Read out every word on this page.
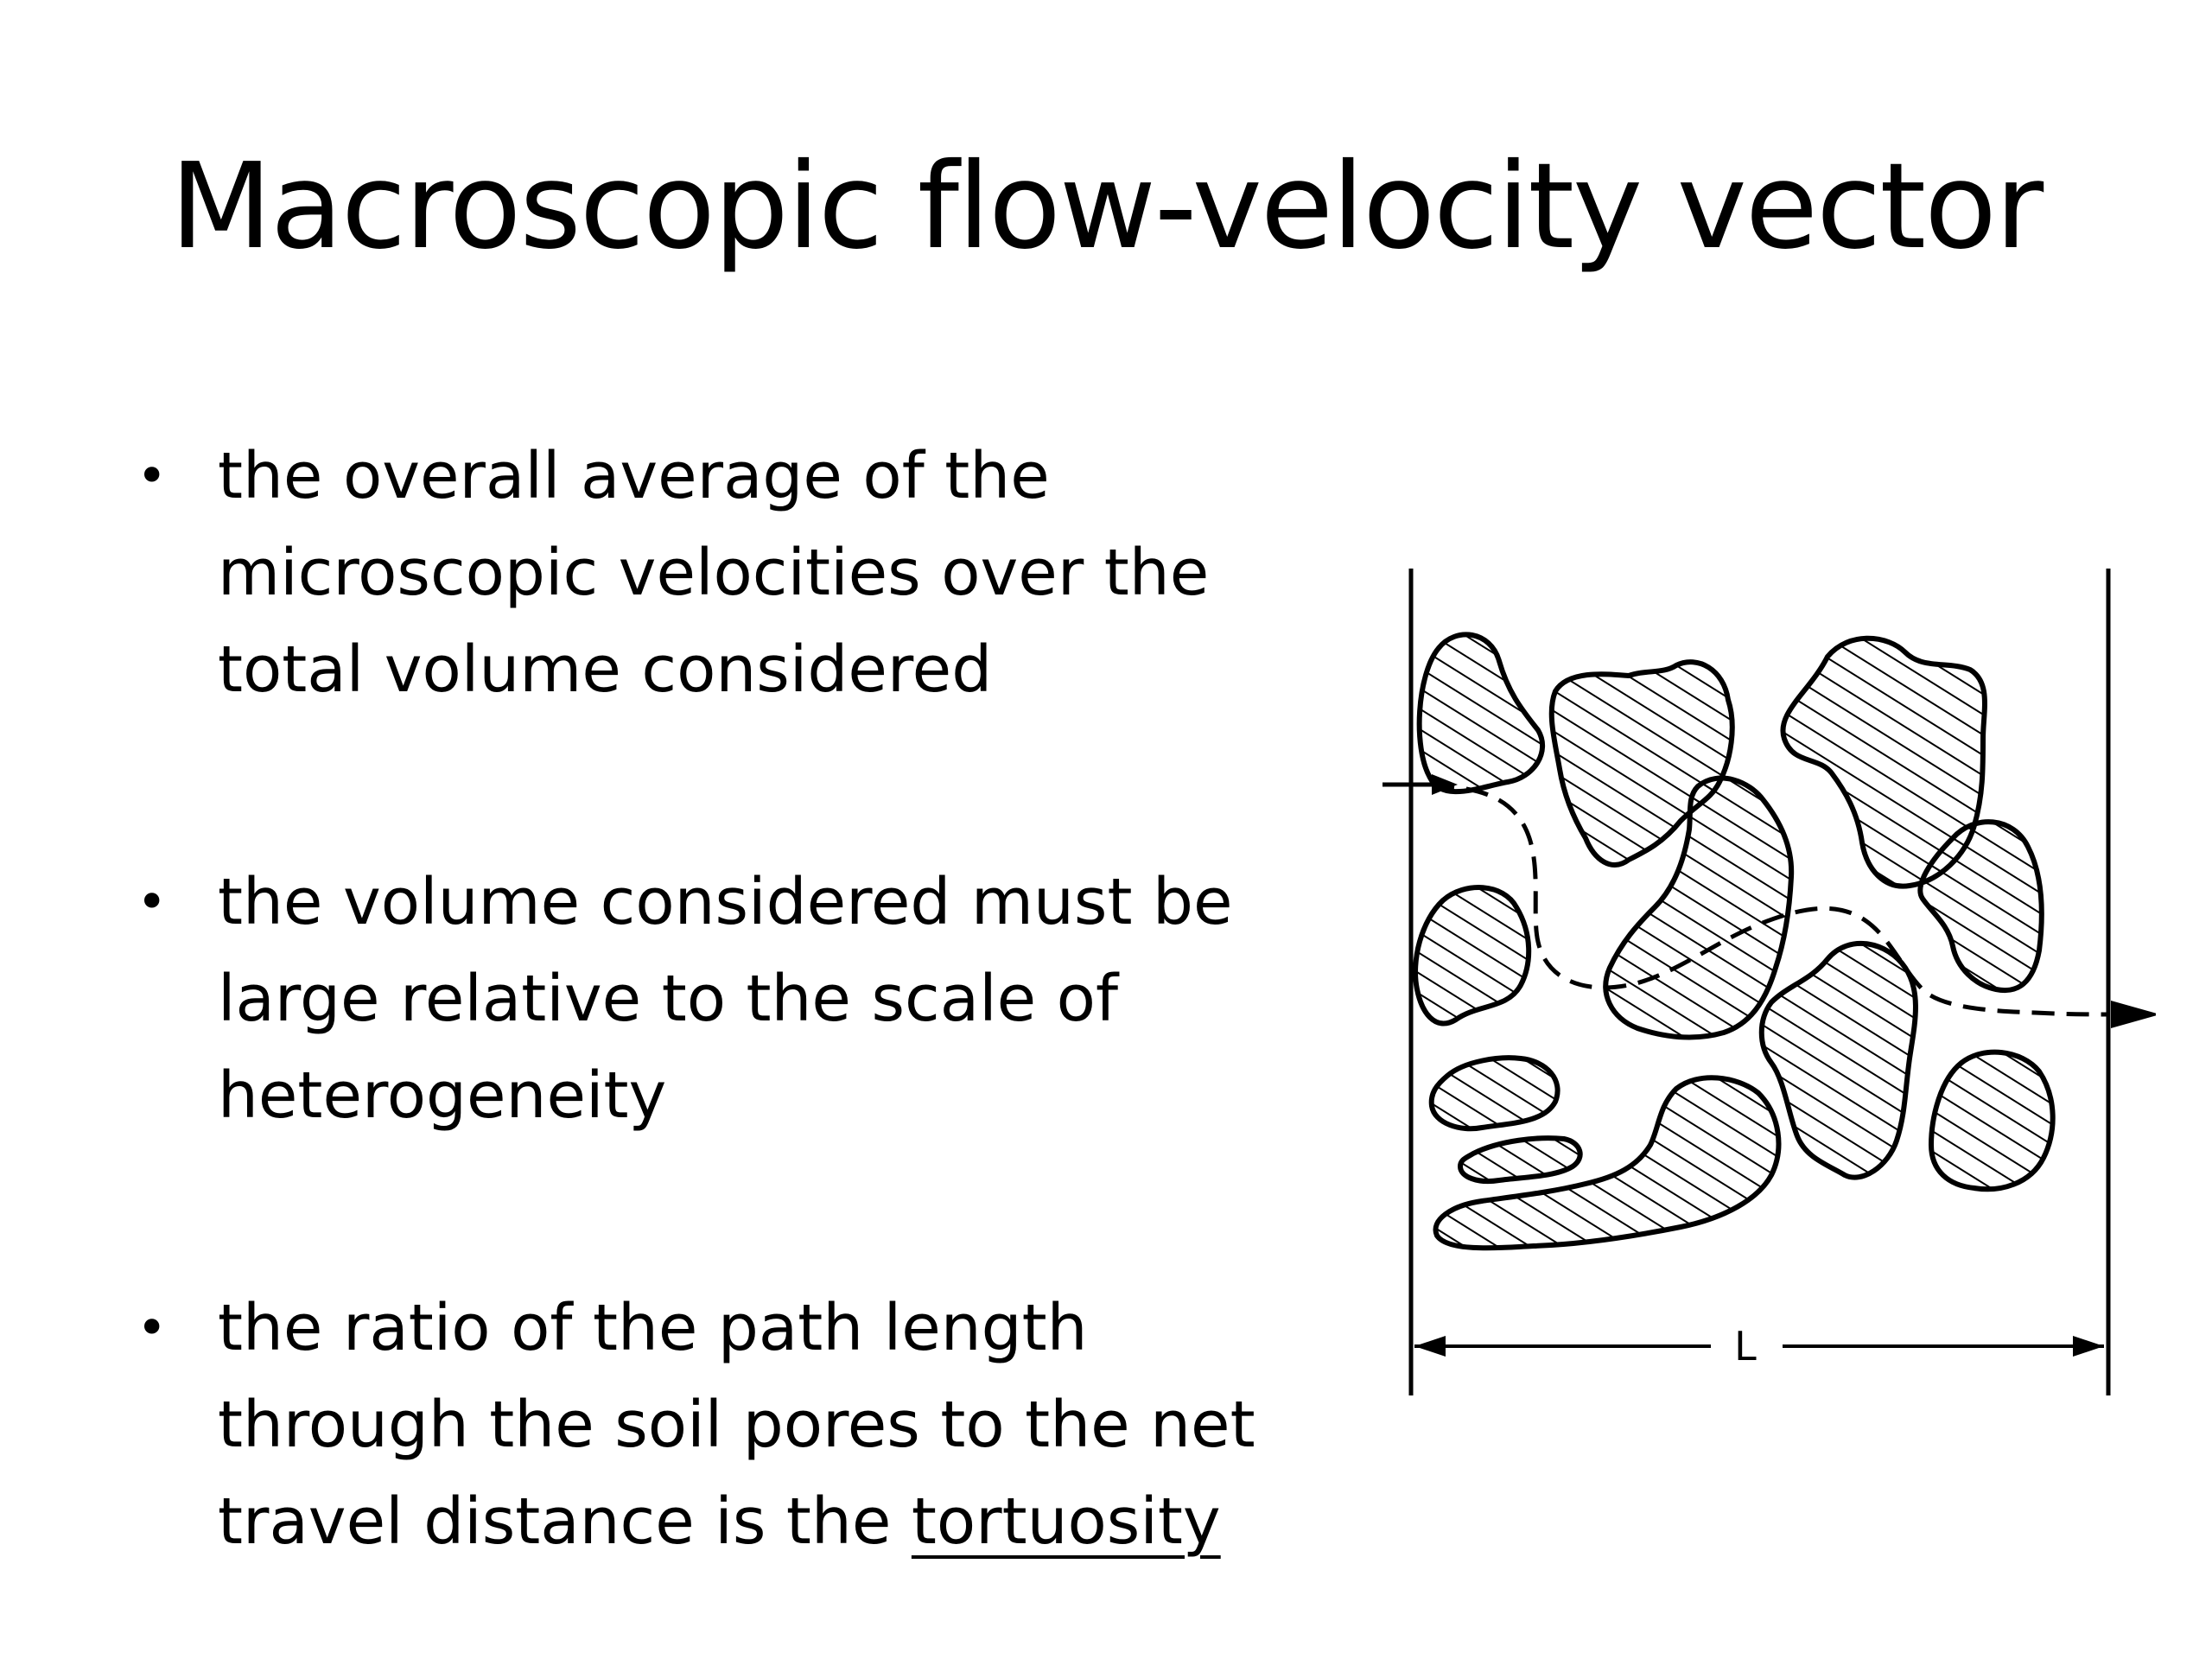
Macroscopic flow-velocity vector
• the overall average of the
microscopic velocities over the
total volume considered
• the volume considered must be
large relative to the scale of
heterogeneity
• the ratio of the path length
through the soil pores to the net
travel distance is the tortuosity
L
